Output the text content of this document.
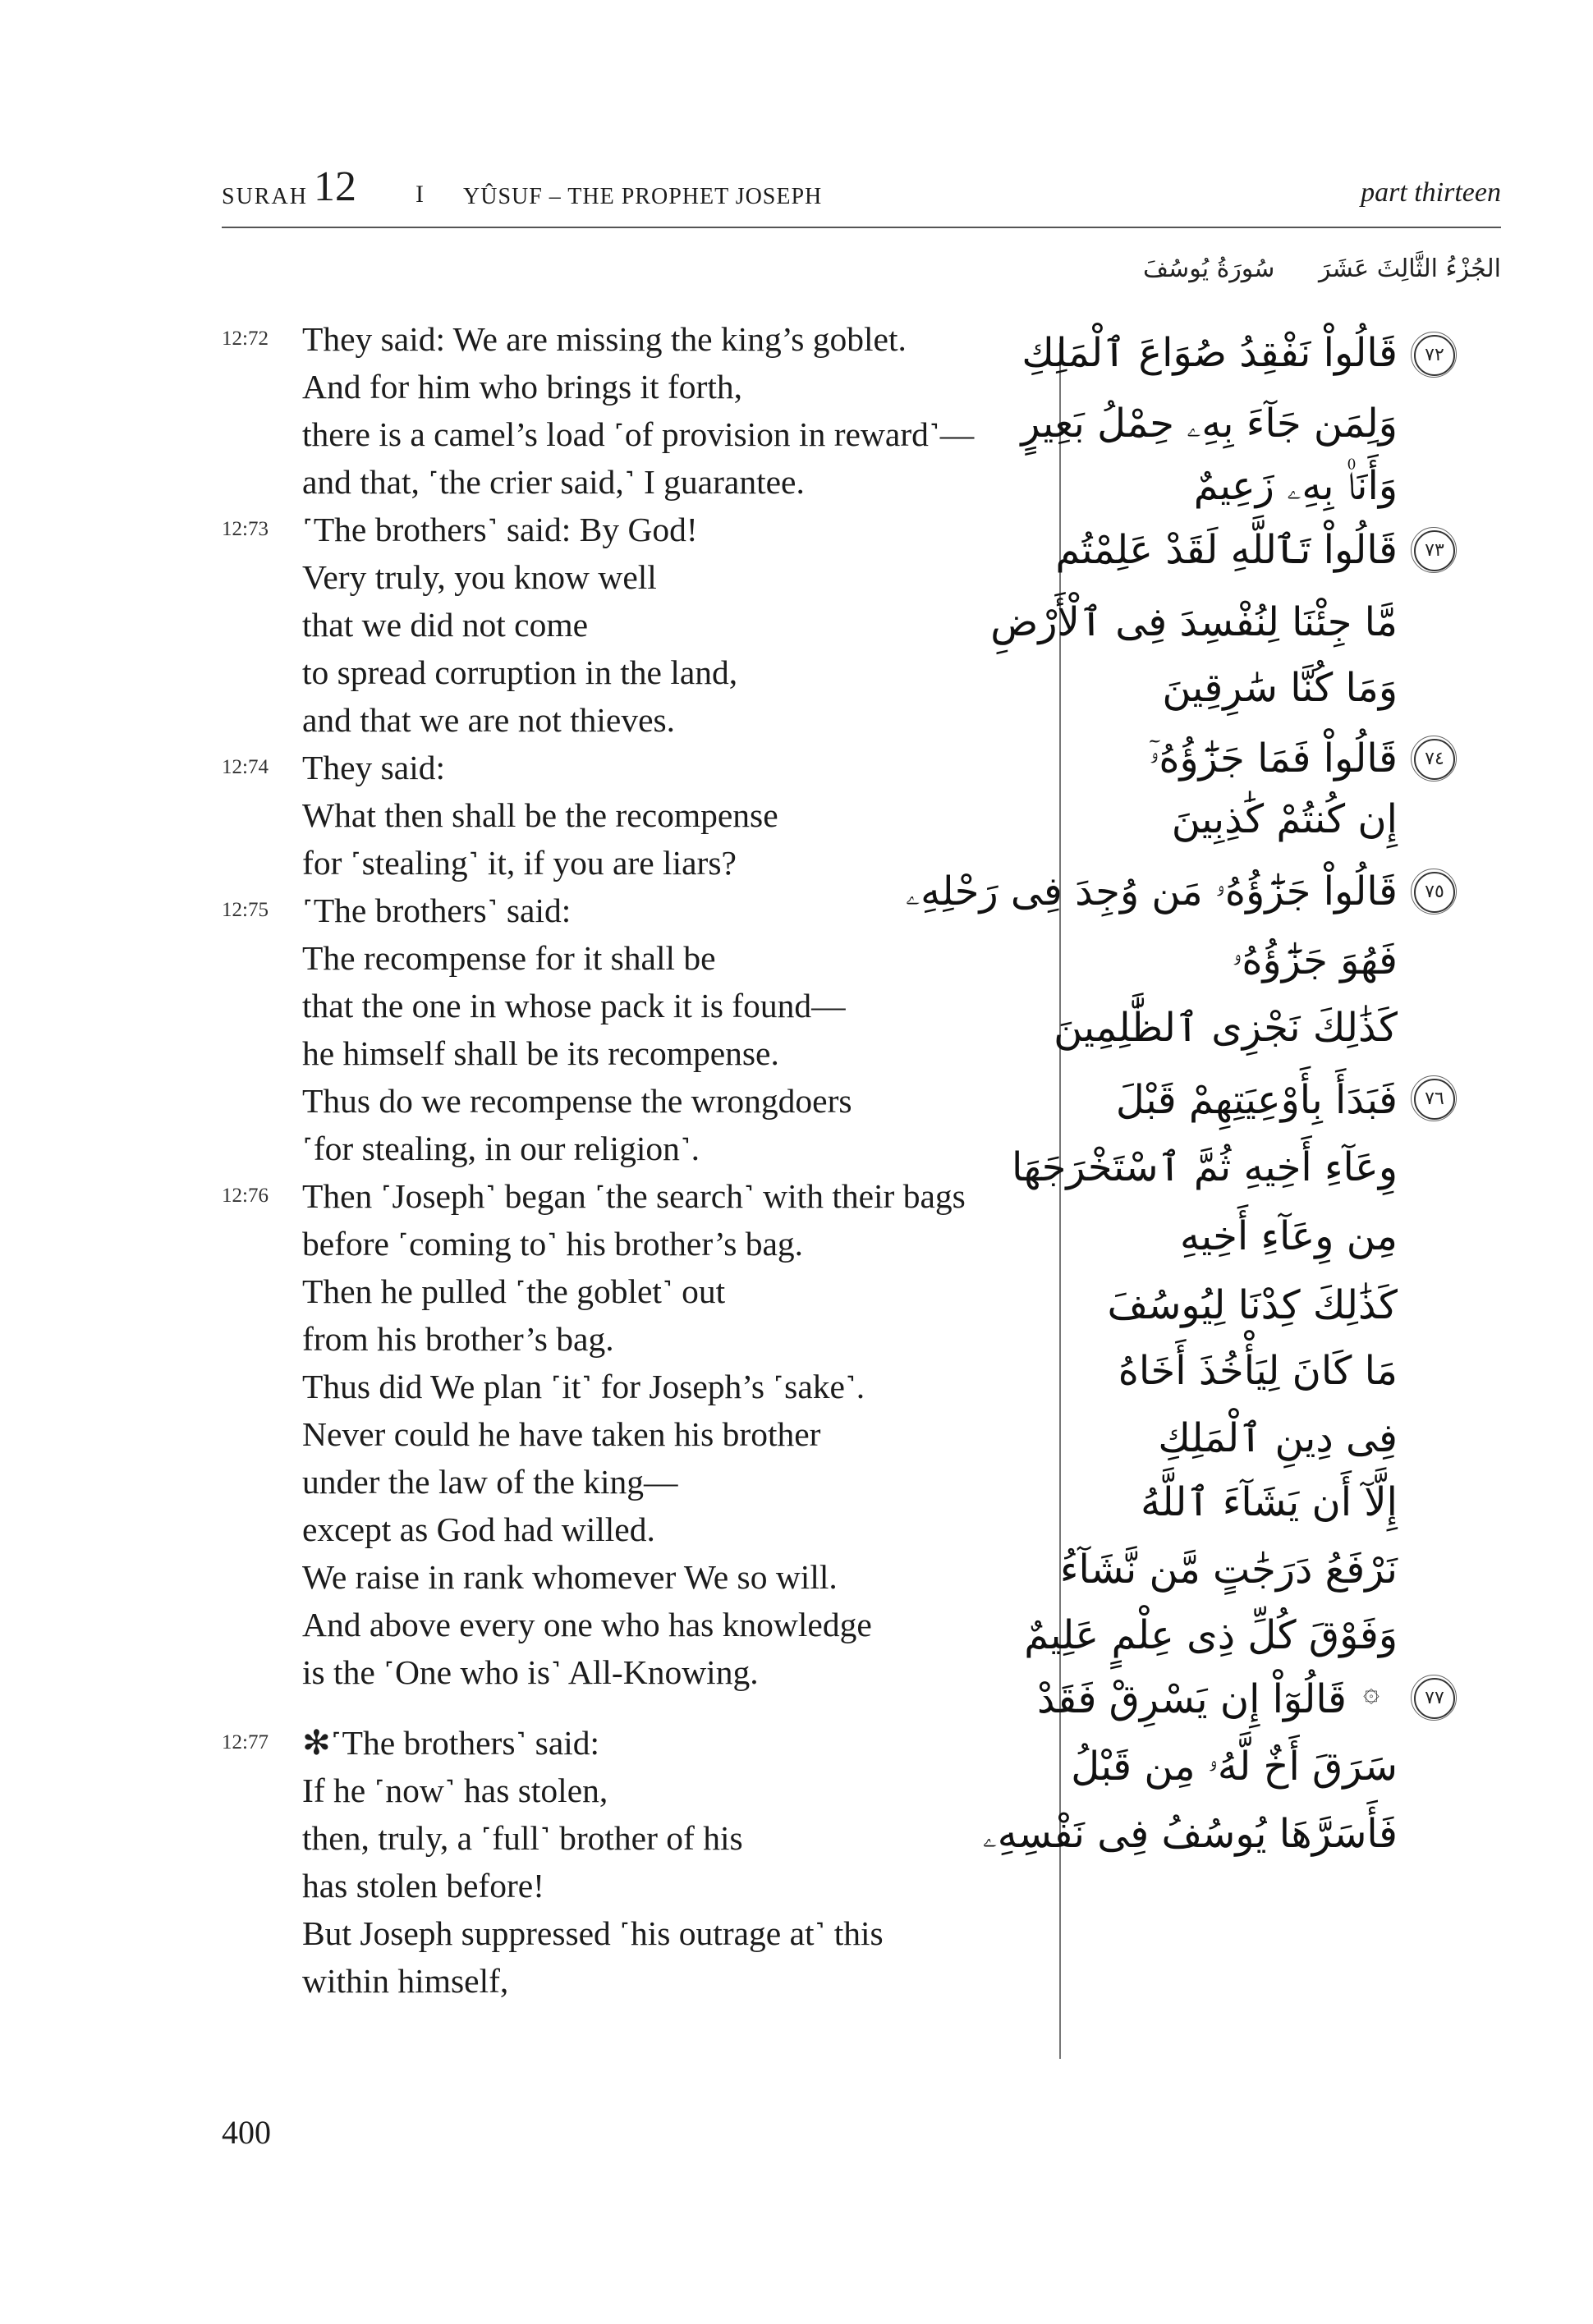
SURAH 12 I YÛSUF – THE PROPHET JOSEPH	part thirteen
سُورَةُ يُوسُفَ الجُزْءُ الثَّالِثَ عَشَرَ
12:72
12:73
12:74
12:75
12:76
12:77
They said: We are missing the king’s goblet.
And for him who brings it forth,
there is a camel’s load ˹of provision in reward˺—
and that, ˹the crier said,˺ I guarantee.
˹The brothers˺ said: By God!
Very truly, you know well
that we did not come
to spread corruption in the land,
and that we are not thieves.
They said:
What then shall be the recompense
for ˹stealing˺ it, if you are liars?
˹The brothers˺ said:
The recompense for it shall be
that the one in whose pack it is found—
he himself shall be its recompense.
Thus do we recompense the wrongdoers
˹for stealing, in our religion˺.
Then ˹Joseph˺ began ˹the search˺ with their bags
before ˹coming to˺ his brother’s bag.
Then he pulled ˹the goblet˺ out
from his brother’s bag.
Thus did We plan ˹it˺ for Joseph’s ˹sake˺.
Never could he have taken his brother
under the law of the king—
except as God had willed.
We raise in rank whomever We so will.
And above every one who has knowledge
is the ˹One who is˺ All-Knowing.
✻˹The brothers˺ said:
If he ˹now˺ has stolen,
then, truly, a ˹full˺ brother of his
has stolen before!
But Joseph suppressed ˹his outrage at˺ this
within himself,
٧٢
٧٣
٧٤
٧٥
٧٦
٧٧
۞
قَالُواْ نَفْقِدُ صُوَاعَ ٱلْمَلِكِ
وَلِمَن جَآءَ بِهِۦ حِمْلُ بَعِيرٍ
وَأَنَا۠ بِهِۦ زَعِيمٌ
قَالُواْ تَٱللَّهِ لَقَدْ عَلِمْتُم
مَّا جِئْنَا لِنُفْسِدَ فِى ٱلْأَرْضِ
وَمَا كُنَّا سَٰرِقِينَ
قَالُواْ فَمَا جَزَٰٓؤُهُۥٓ
إِن كُنتُمْ كَٰذِبِينَ
قَالُواْ جَزَٰٓؤُهُۥ مَن وُجِدَ فِى رَحْلِهِۦ
فَهُوَ جَزَٰٓؤُهُۥ
كَذَٰلِكَ نَجْزِى ٱلظَّٰلِمِينَ
فَبَدَأَ بِأَوْعِيَتِهِمْ قَبْلَ
وِعَآءِ أَخِيهِ ثُمَّ ٱسْتَخْرَجَهَا
مِن وِعَآءِ أَخِيهِ
كَذَٰلِكَ كِدْنَا لِيُوسُفَ
مَا كَانَ لِيَأْخُذَ أَخَاهُ
فِى دِينِ ٱلْمَلِكِ
إِلَّآ أَن يَشَآءَ ٱللَّهُ
نَرْفَعُ دَرَجَٰتٍ مَّن نَّشَآءُ
وَفَوْقَ كُلِّ ذِى عِلْمٍ عَلِيمٌ
قَالُوٓاْ إِن يَسْرِقْ فَقَدْ
سَرَقَ أَخٌ لَّهُۥ مِن قَبْلُ
فَأَسَرَّهَا يُوسُفُ فِى نَفْسِهِۦ
400
